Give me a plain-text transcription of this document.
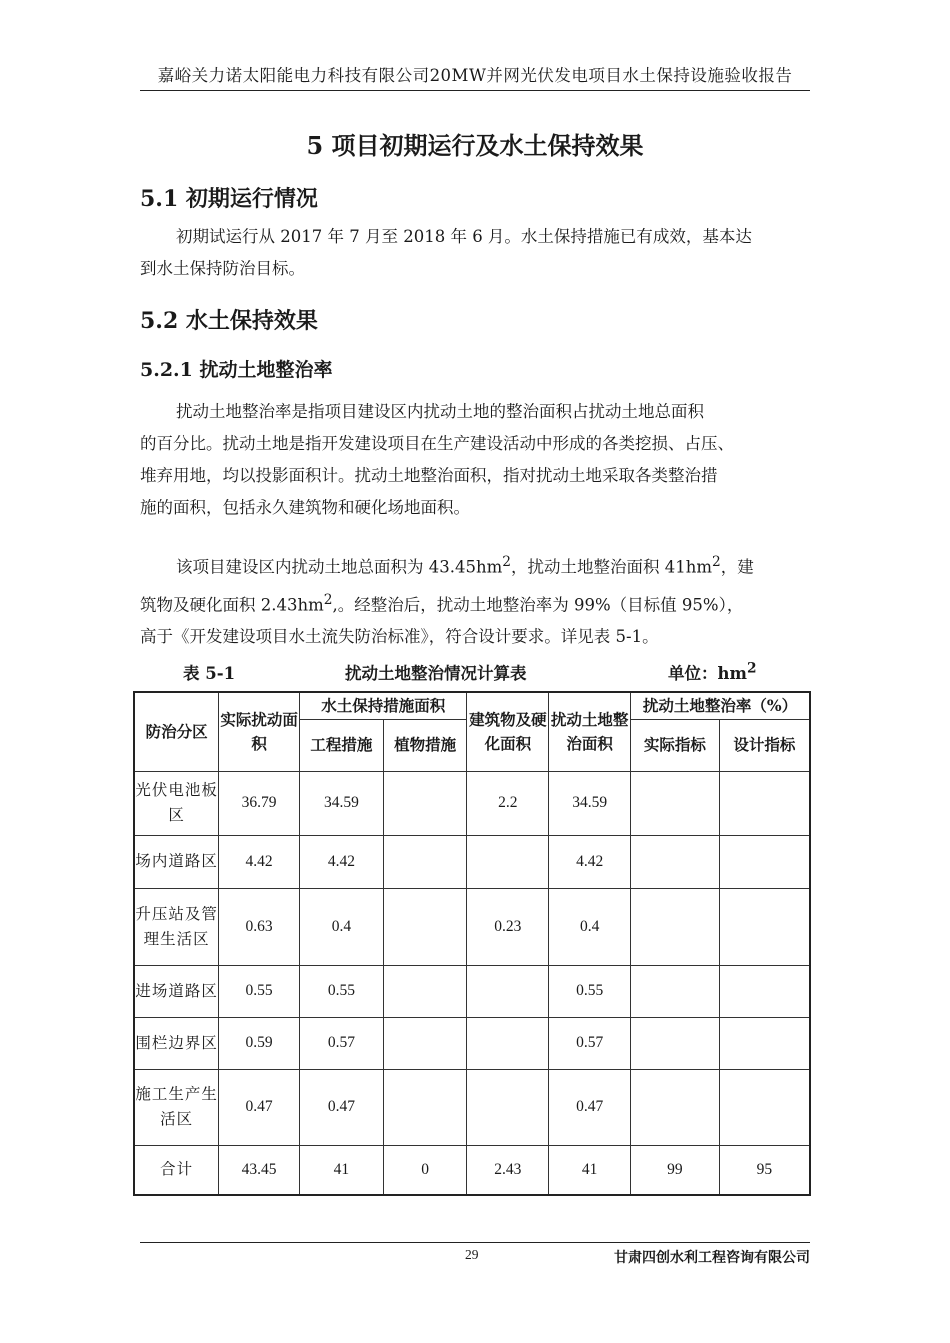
嘉峪关力诺太阳能电力科技有限公司20MW并网光伏发电项目水土保持设施验收报告
5 项目初期运行及水土保持效果
5.1 初期运行情况
初期试运行从 2017 年 7 月至 2018 年 6 月。水土保持措施已有成效，基本达
到水土保持防治目标。
5.2 水土保持效果
5.2.1 扰动土地整治率
扰动土地整治率是指项目建设区内扰动土地的整治面积占扰动土地总面积
的百分比。扰动土地是指开发建设项目在生产建设活动中形成的各类挖损、占压、
堆弃用地，均以投影面积计。扰动土地整治面积，指对扰动土地采取各类整治措
施的面积，包括永久建筑物和硬化场地面积。
该项目建设区内扰动土地总面积为 $43.45hm^2$，扰动土地整治面积 $41hm^2$，建
筑物及硬化面积 $2.43hm^2$,。经整治后，扰动土地整治率为 99%（目标值 95%），
高于《开发建设项目水土流失防治标准》，符合设计要求。详见表 5-1。
表 5-1	扰动土地整治情况计算表	单位：$hm^2$
防治分区	实际扰动面积	水土保持措施面积		建筑物及硬化面积	扰动土地整治面积	扰动土地整治率（%）	
		工程措施	植物措施			实际指标	设计指标
光伏电池板区	36.79	34.59		2.2	34.59		
场内道路区	4.42	4.42			4.42		
升压站及管理生活区	0.63	0.4		0.23	0.4		
进场道路区	0.55	0.55			0.55		
围栏边界区	0.59	0.57			0.57		
施工生产生活区	0.47	0.47			0.47		
合计	43.45	41	0	2.43	41	99	95
29	甘肃四创水利工程咨询有限公司
